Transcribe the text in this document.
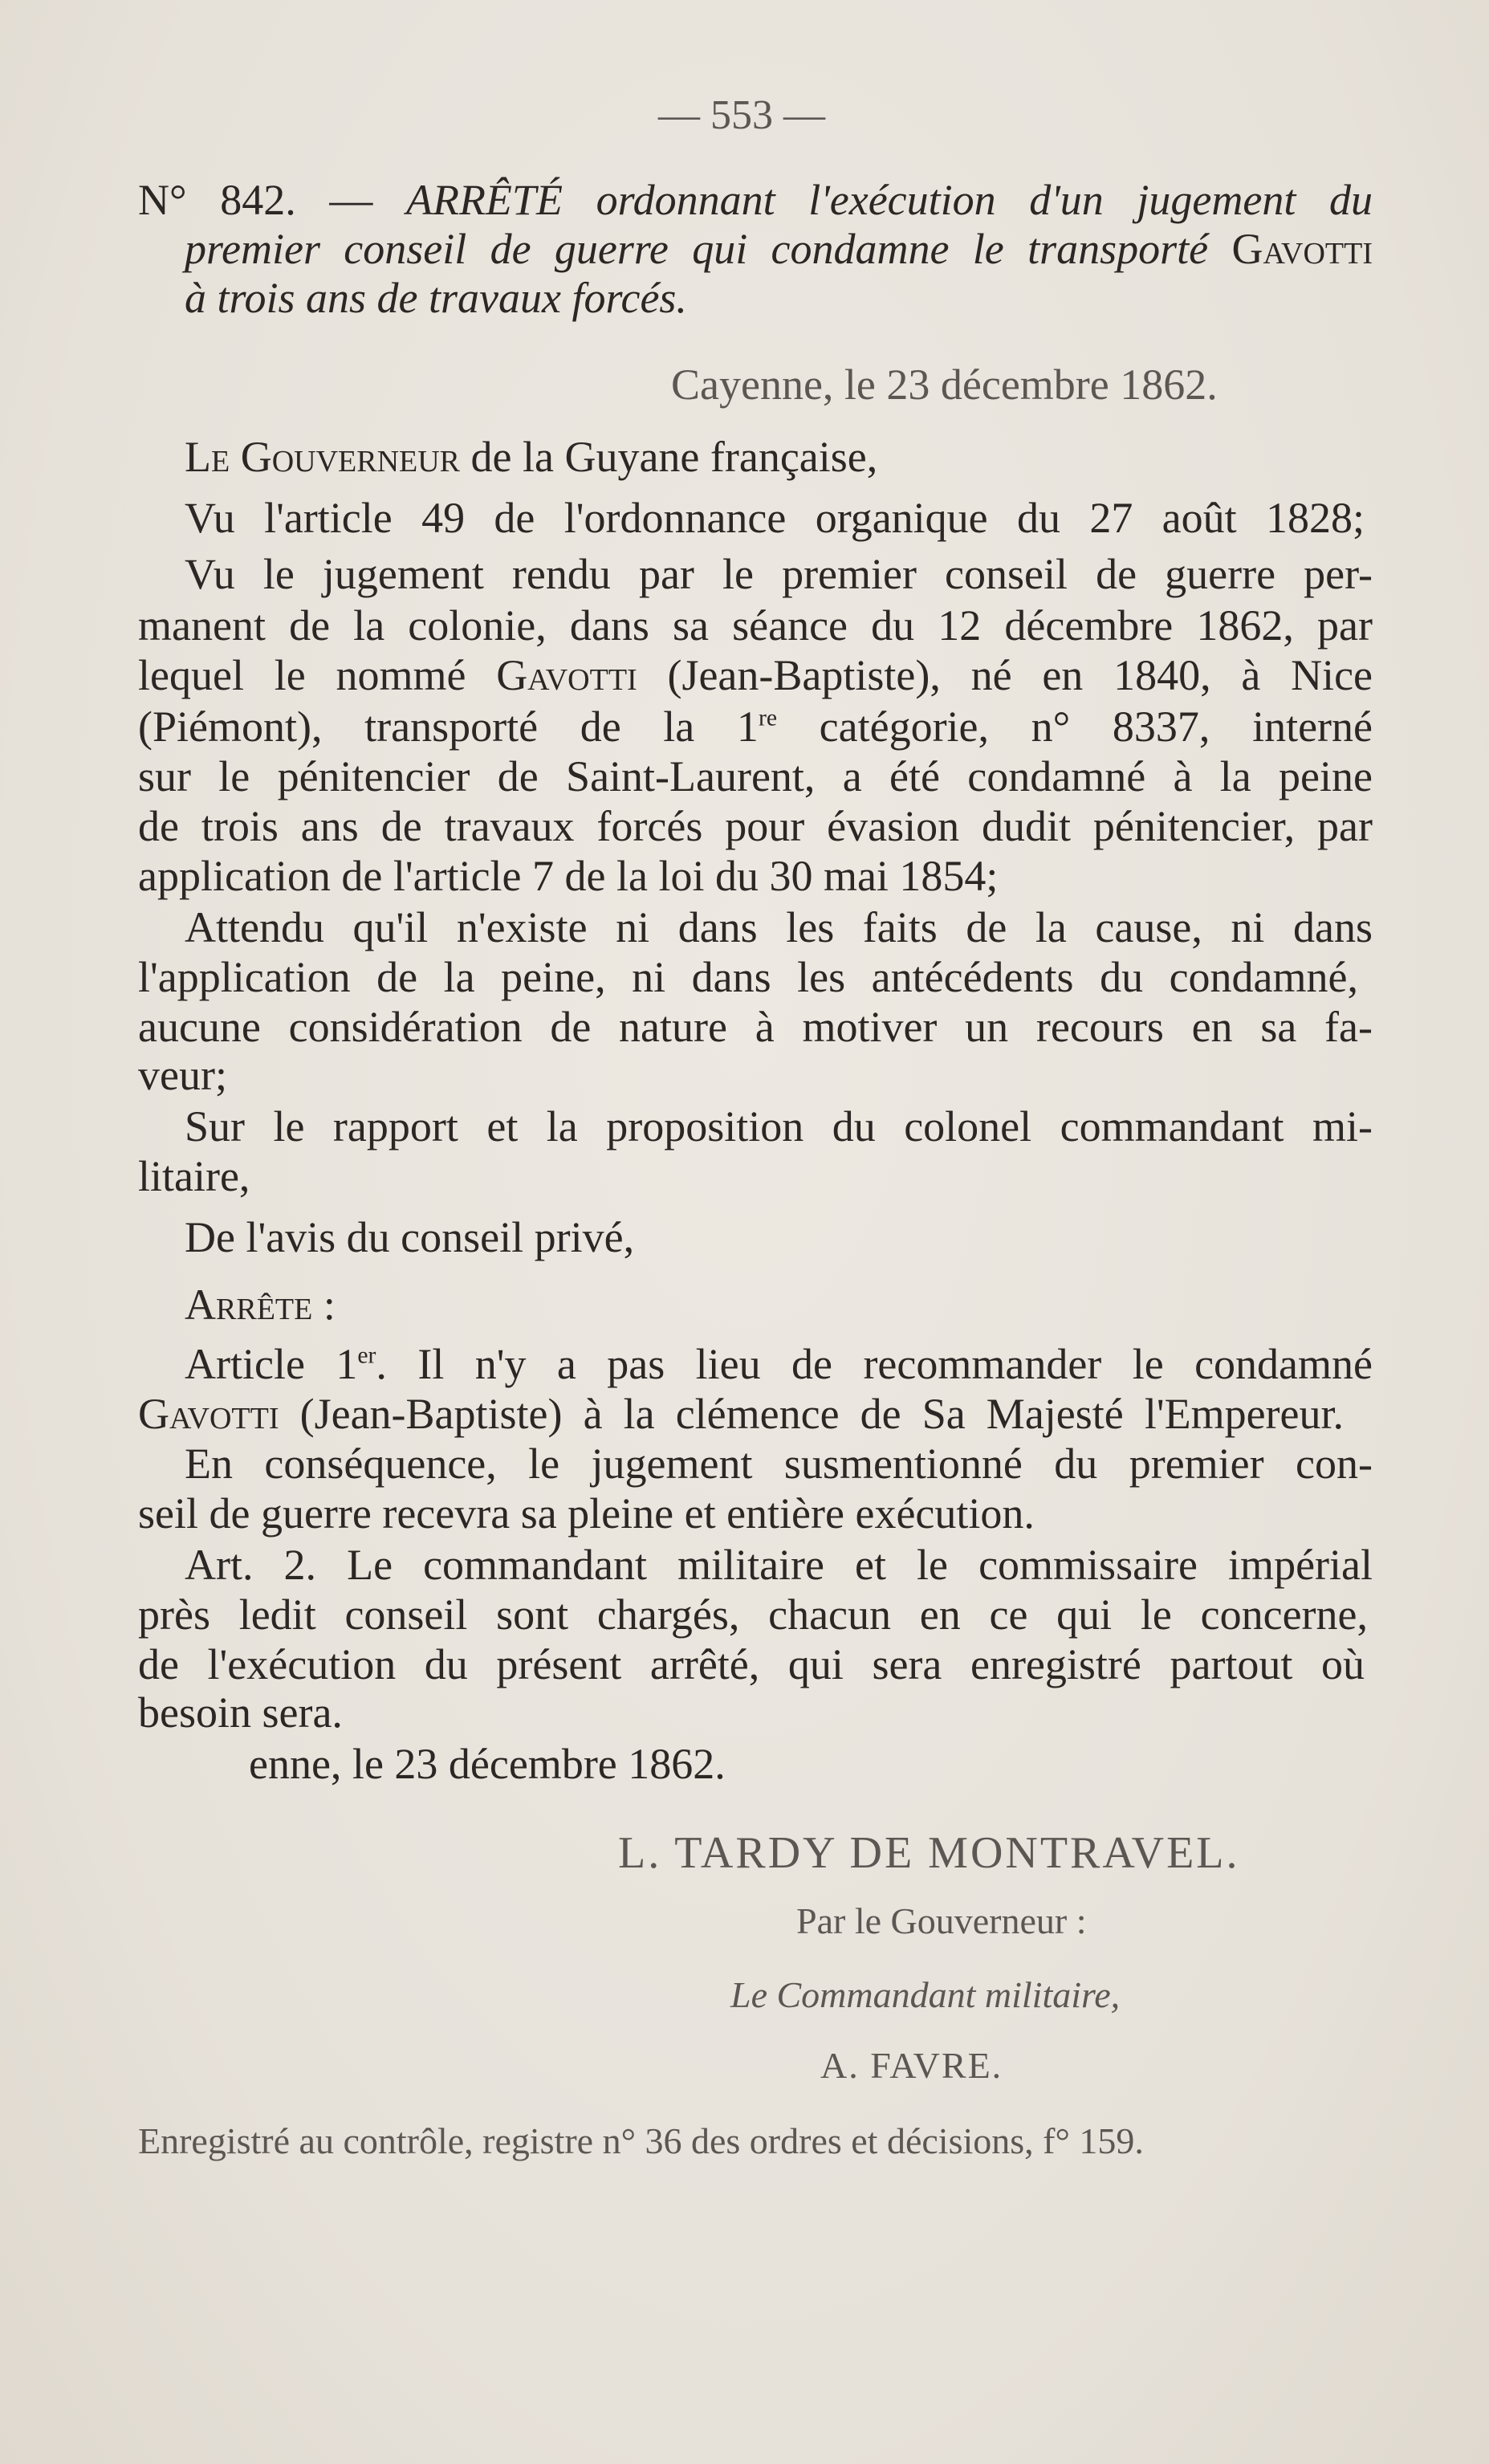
— 553 —
N° 842. — ARRÊTÉ ordonnant l'exécution d'un jugement du
premier conseil de guerre qui condamne le transporté Gavotti
à trois ans de travaux forcés.
Cayenne, le 23 décembre 1862.
Le Gouverneur de la Guyane française,
Vu l'article 49 de l'ordonnance organique du 27 août 1828;
Vu le jugement rendu par le premier conseil de guerre per-
manent de la colonie, dans sa séance du 12 décembre 1862, par
lequel le nommé Gavotti (Jean-Baptiste), né en 1840, à Nice
(Piémont), transporté de la 1re catégorie, n° 8337, interné
sur le pénitencier de Saint-Laurent, a été condamné à la peine
de trois ans de travaux forcés pour évasion dudit pénitencier, par
application de l'article 7 de la loi du 30 mai 1854;
Attendu qu'il n'existe ni dans les faits de la cause, ni dans
l'application de la peine, ni dans les antécédents du condamné,
aucune considération de nature à motiver un recours en sa fa-
veur;
Sur le rapport et la proposition du colonel commandant mi-
litaire,
De l'avis du conseil privé,
Arrête :
Article 1er. Il n'y a pas lieu de recommander le condamné
Gavotti (Jean-Baptiste) à la clémence de Sa Majesté l'Empereur.
En conséquence, le jugement susmentionné du premier con-
seil de guerre recevra sa pleine et entière exécution.
Art. 2. Le commandant militaire et le commissaire impérial
près ledit conseil sont chargés, chacun en ce qui le concerne,
de l'exécution du présent arrêté, qui sera enregistré partout où
besoin sera.
enne, le 23 décembre 1862.
L. TARDY DE MONTRAVEL.
Par le Gouverneur :
Le Commandant militaire,
A. FAVRE.
Enregistré au contrôle, registre n° 36 des ordres et décisions, f° 159.
